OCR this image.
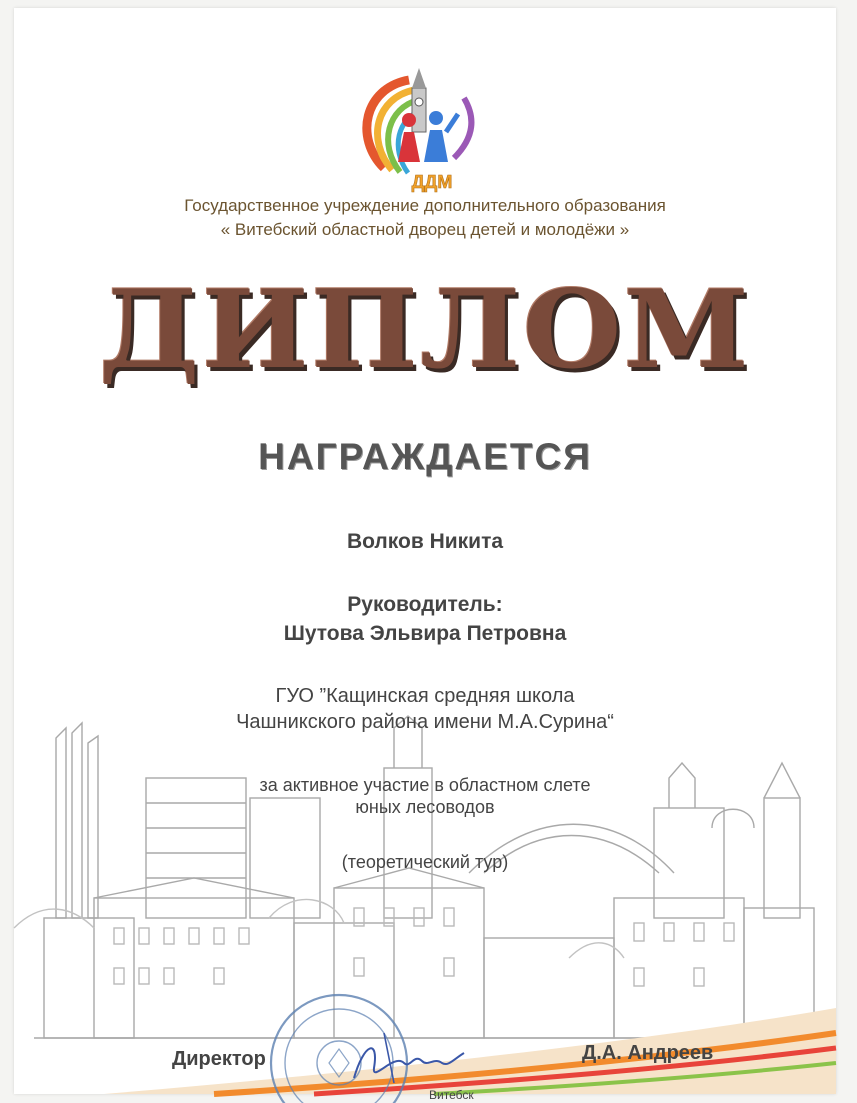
ДДМ
Государственное учреждение дополнительного образования
« Витебский областной дворец детей и молодёжи »
ДИПЛОМ
НАГРАЖДАЕТСЯ
Волков Никита
Руководитель:
Шутова Эльвира Петровна
ГУО ”Кащинская средняя школа
Чашникского района имени М.А.Сурина“
за активное участие в областном слете
юных лесоводов
(теоретический тур)
Директор	Д.А. Андреев
Витебск
